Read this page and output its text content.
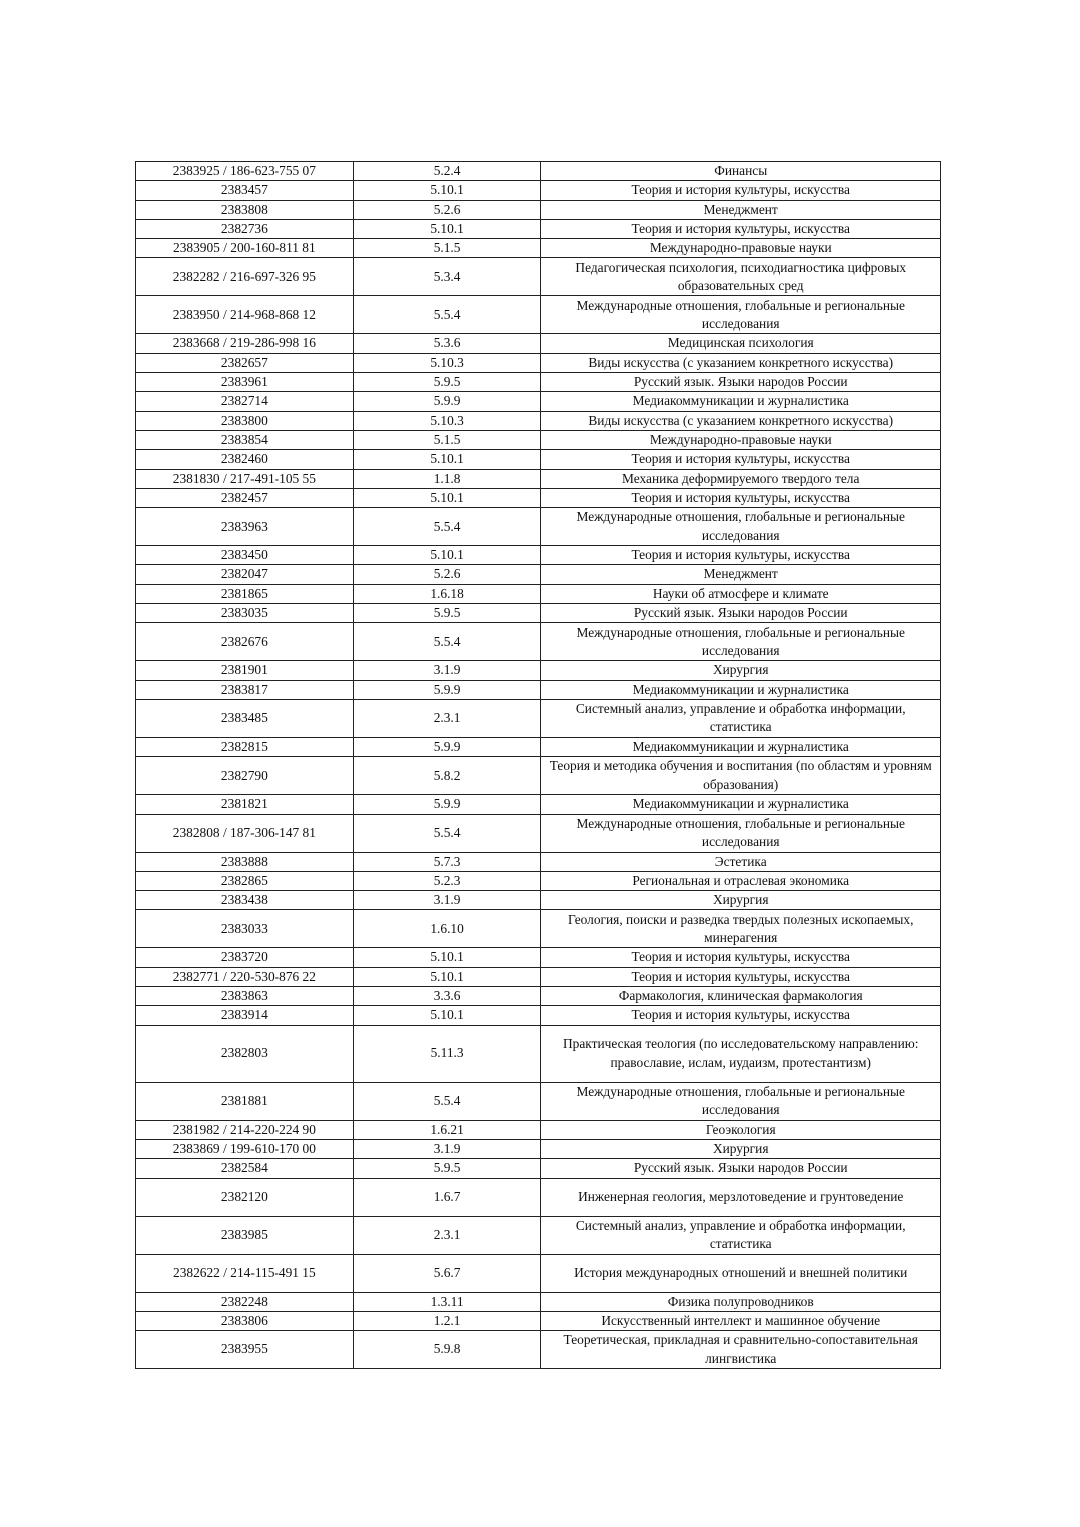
2383925 / 186-623-755 07	5.2.4	Финансы
2383457	5.10.1	Теория и история культуры, искусства
2383808	5.2.6	Менеджмент
2382736	5.10.1	Теория и история культуры, искусства
2383905 / 200-160-811 81	5.1.5	Международно-правовые науки
2382282 / 216-697-326 95	5.3.4	Педагогическая психология, психодиагностика цифровых образовательных сред
2383950 / 214-968-868 12	5.5.4	Международные отношения, глобальные и региональные исследования
2383668 / 219-286-998 16	5.3.6	Медицинская психология
2382657	5.10.3	Виды искусства (с указанием конкретного искусства)
2383961	5.9.5	Русский язык. Языки народов России
2382714	5.9.9	Медиакоммуникации и журналистика
2383800	5.10.3	Виды искусства (с указанием конкретного искусства)
2383854	5.1.5	Международно-правовые науки
2382460	5.10.1	Теория и история культуры, искусства
2381830 / 217-491-105 55	1.1.8	Механика деформируемого твердого тела
2382457	5.10.1	Теория и история культуры, искусства
2383963	5.5.4	Международные отношения, глобальные и региональные исследования
2383450	5.10.1	Теория и история культуры, искусства
2382047	5.2.6	Менеджмент
2381865	1.6.18	Науки об атмосфере и климате
2383035	5.9.5	Русский язык. Языки народов России
2382676	5.5.4	Международные отношения, глобальные и региональные исследования
2381901	3.1.9	Хирургия
2383817	5.9.9	Медиакоммуникации и журналистика
2383485	2.3.1	Системный анализ, управление и обработка информации, статистика
2382815	5.9.9	Медиакоммуникации и журналистика
2382790	5.8.2	Теория и методика обучения и воспитания (по областям и уровням образования)
2381821	5.9.9	Медиакоммуникации и журналистика
2382808 / 187-306-147 81	5.5.4	Международные отношения, глобальные и региональные исследования
2383888	5.7.3	Эстетика
2382865	5.2.3	Региональная и отраслевая экономика
2383438	3.1.9	Хирургия
2383033	1.6.10	Геология, поиски и разведка твердых полезных ископаемых, минерагения
2383720	5.10.1	Теория и история культуры, искусства
2382771 / 220-530-876 22	5.10.1	Теория и история культуры, искусства
2383863	3.3.6	Фармакология, клиническая фармакология
2383914	5.10.1	Теория и история культуры, искусства
2382803	5.11.3	Практическая теология (по исследовательскому направлению: православие, ислам, иудаизм, протестантизм)
2381881	5.5.4	Международные отношения, глобальные и региональные исследования
2381982 / 214-220-224 90	1.6.21	Геоэкология
2383869 / 199-610-170 00	3.1.9	Хирургия
2382584	5.9.5	Русский язык. Языки народов России
2382120	1.6.7	Инженерная геология, мерзлотоведение и грунтоведение
2383985	2.3.1	Системный анализ, управление и обработка информации, статистика
2382622 / 214-115-491 15	5.6.7	История международных отношений и внешней политики
2382248	1.3.11	Физика полупроводников
2383806	1.2.1	Искусственный интеллект и машинное обучение
2383955	5.9.8	Теоретическая, прикладная и сравнительно-сопоставительная лингвистика
